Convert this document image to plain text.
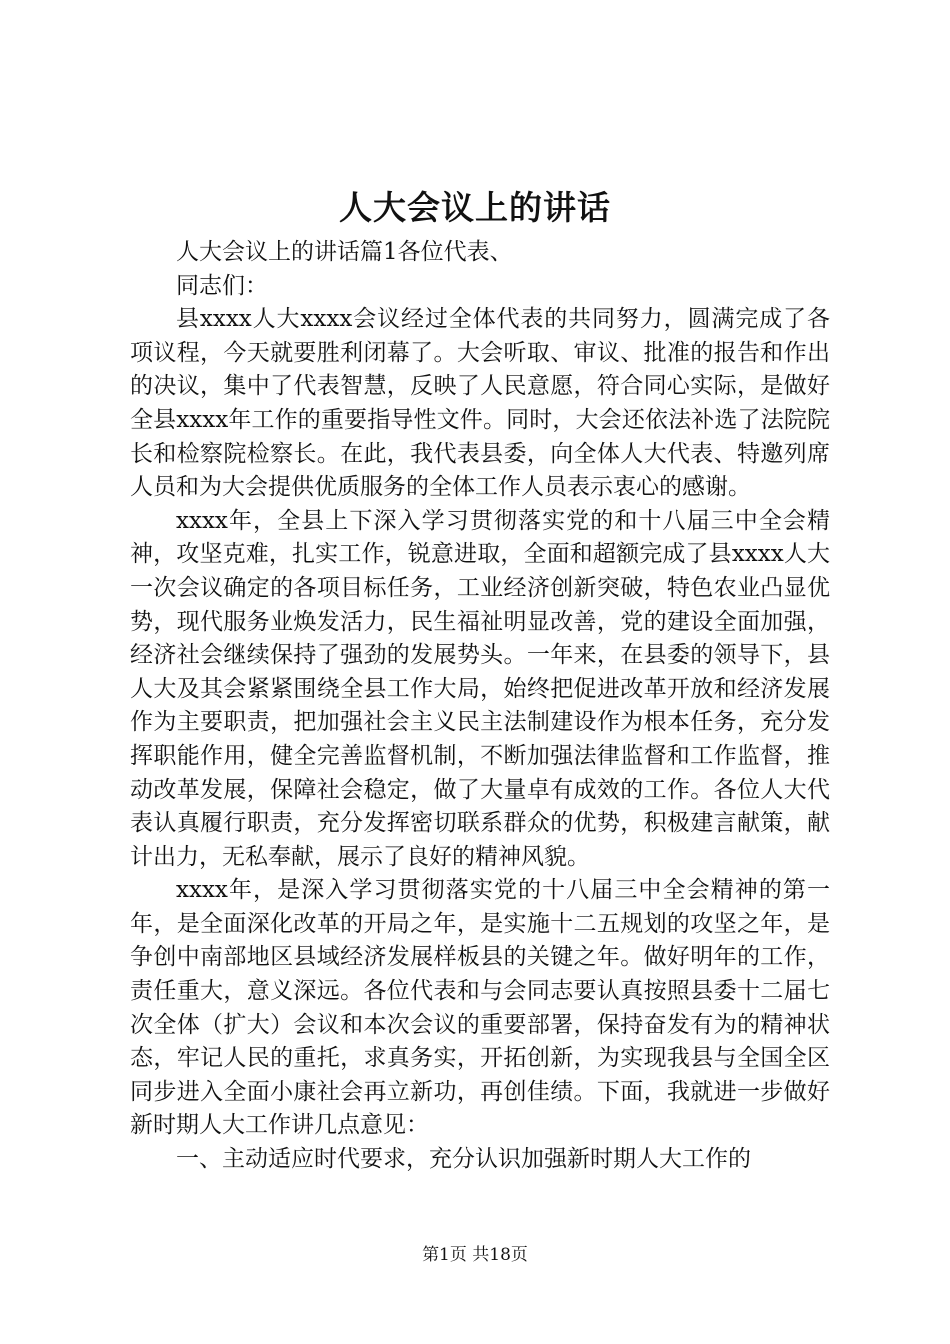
人大会议上的讲话

人大会议上的讲话篇1各位代表、

同志们：

县xxxx人大xxxx会议经过全体代表的共同努力，圆满完成了各项议程，今天就要胜利闭幕了。大会听取、审议、批准的报告和作出的决议，集中了代表智慧，反映了人民意愿，符合同心实际，是做好全县xxxx年工作的重要指导性文件。同时，大会还依法补选了法院院长和检察院检察长。在此，我代表县委，向全体人大代表、特邀列席人员和为大会提供优质服务的全体工作人员表示衷心的感谢。

xxxx年，全县上下深入学习贯彻落实党的和十八届三中全会精神，攻坚克难，扎实工作，锐意进取，全面和超额完成了县xxxx人大一次会议确定的各项目标任务，工业经济创新突破，特色农业凸显优势，现代服务业焕发活力，民生福祉明显改善，党的建设全面加强，经济社会继续保持了强劲的发展势头。一年来，在县委的领导下，县人大及其会紧紧围绕全县工作大局，始终把促进改革开放和经济发展作为主要职责，把加强社会主义民主法制建设作为根本任务，充分发挥职能作用，健全完善监督机制，不断加强法律监督和工作监督，推动改革发展，保障社会稳定，做了大量卓有成效的工作。各位人大代表认真履行职责，充分发挥密切联系群众的优势，积极建言献策，献计出力，无私奉献，展示了良好的精神风貌。

xxxx年，是深入学习贯彻落实党的十八届三中全会精神的第一年，是全面深化改革的开局之年，是实施十二五规划的攻坚之年，是争创中南部地区县域经济发展样板县的关键之年。做好明年的工作，责任重大，意义深远。各位代表和与会同志要认真按照县委十二届七次全体（扩大）会议和本次会议的重要部署，保持奋发有为的精神状态，牢记人民的重托，求真务实，开拓创新，为实现我县与全国全区同步进入全面小康社会再立新功，再创佳绩。下面，我就进一步做好新时期人大工作讲几点意见：

一、主动适应时代要求，充分认识加强新时期人大工作的

第1页 共18页
